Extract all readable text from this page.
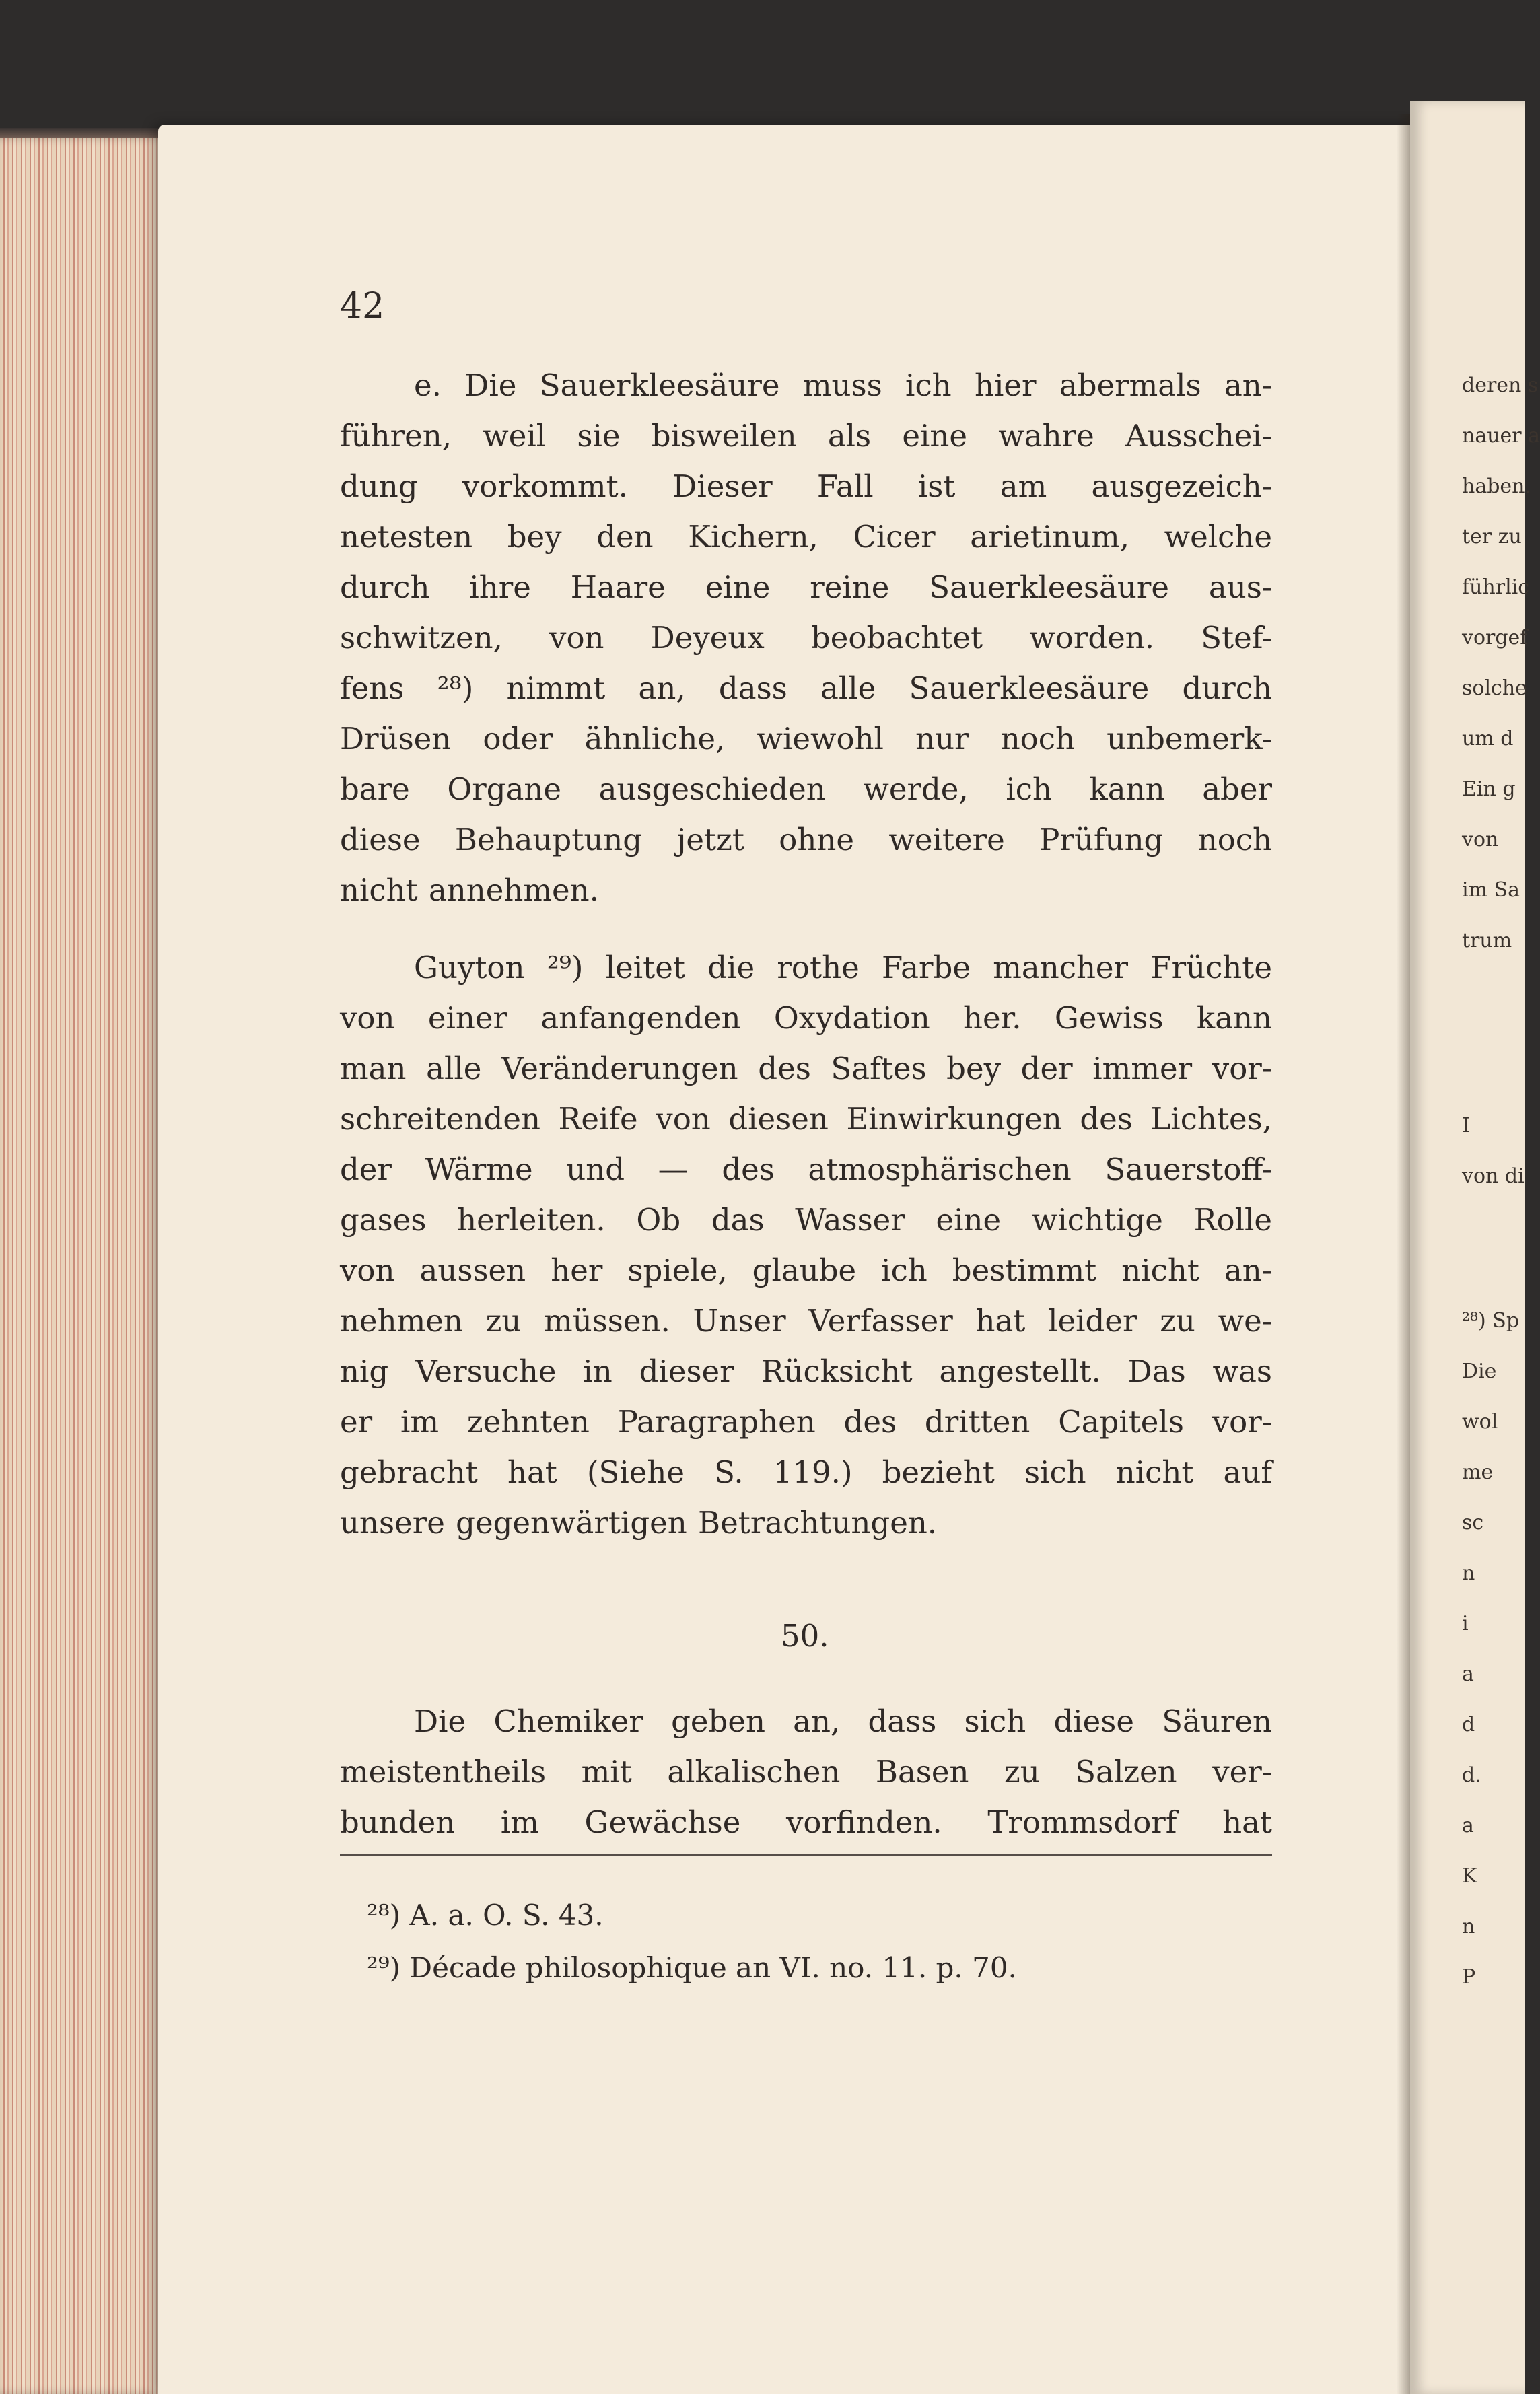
42
e. Die Sauerkleesäure muss ich hier abermals an-
führen, weil sie bisweilen als eine wahre Ausschei-
dung vorkommt. Dieser Fall ist am ausgezeich-
netesten bey den Kichern, Cicer arietinum, welche
durch ihre Haare eine reine Sauerkleesäure aus-
schwitzen, von Deyeux beobachtet worden. Stef-
fens ²⁸) nimmt an, dass alle Sauerkleesäure durch
Drüsen oder ähnliche, wiewohl nur noch unbemerk-
bare Organe ausgeschieden werde, ich kann aber
diese Behauptung jetzt ohne weitere Prüfung noch
nicht annehmen.
Guyton ²⁹) leitet die rothe Farbe mancher Früchte
von einer anfangenden Oxydation her. Gewiss kann
man alle Veränderungen des Saftes bey der immer vor-
schreitenden Reife von diesen Einwirkungen des Lichtes,
der Wärme und — des atmosphärischen Sauerstoff-
gases herleiten. Ob das Wasser eine wichtige Rolle
von aussen her spiele, glaube ich bestimmt nicht an-
nehmen zu müssen. Unser Verfasser hat leider zu we-
nig Versuche in dieser Rücksicht angestellt. Das was
er im zehnten Paragraphen des dritten Capitels vor-
gebracht hat (Siehe S. 119.) bezieht sich nicht auf
unsere gegenwärtigen Betrachtungen.
50.
Die Chemiker geben an, dass sich diese Säuren
meistentheils mit alkalischen Basen zu Salzen ver-
bunden im Gewächse vorfinden. Trommsdorf hat
²⁸) A. a. O. S. 43.
²⁹) Décade philosophique an VI. no. 11. p. 70.
deren s
nauer a
haben.
ter zu
führlic
vorgef
solche
um d
Ein g
von
im Sa
trum
I
von di
²⁸) Sp
Die
wol
me
sc
n
i
a
d
d.
a
K
n
P
